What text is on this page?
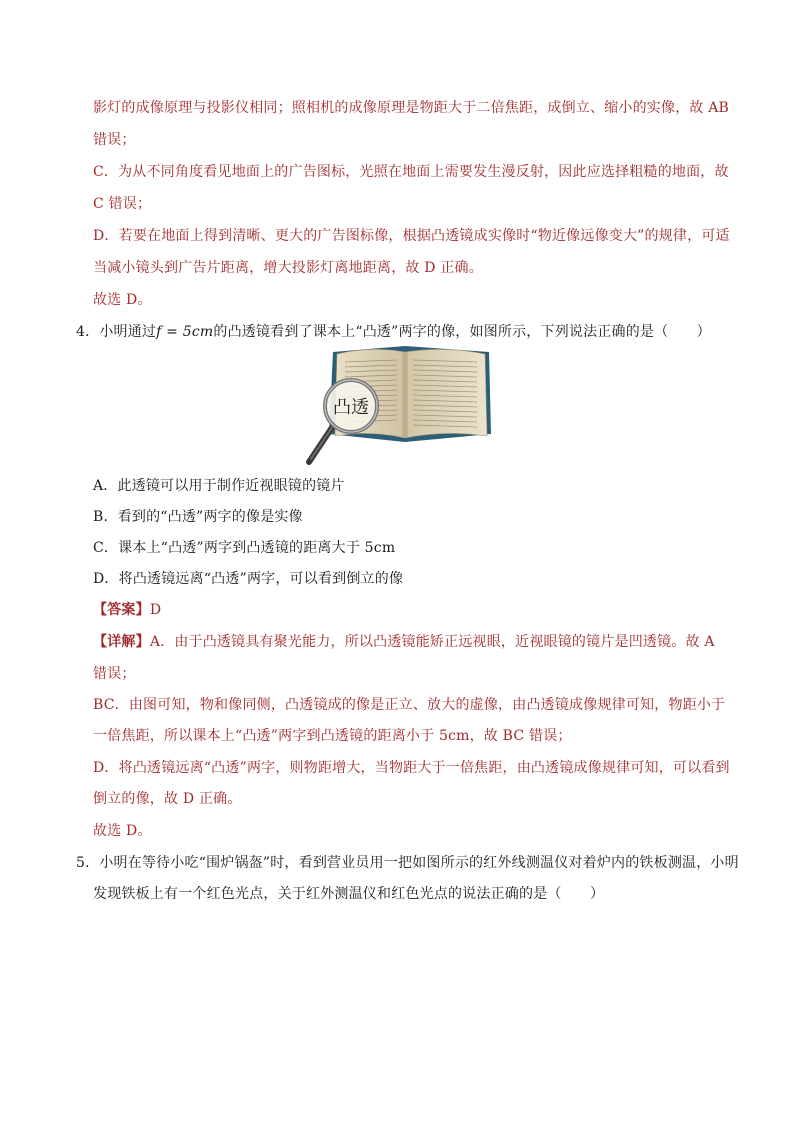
影灯的成像原理与投影仪相同；照相机的成像原理是物距大于二倍焦距，成倒立、缩小的实像，故 AB
错误；
C．为从不同角度看见地面上的广告图标，光照在地面上需要发生漫反射，因此应选择粗糙的地面，故
C 错误；
D．若要在地面上得到清晰、更大的广告图标像，根据凸透镜成实像时“物近像远像变大”的规律，可适
当减小镜头到广告片距离，增大投影灯离地距离，故 D 正确。
故选 D。
4．小明通过f = 5cm的凸透镜看到了课本上“凸透”两字的像，如图所示，下列说法正确的是（　　）
凸透
A．此透镜可以用于制作近视眼镜的镜片
B．看到的“凸透”两字的像是实像
C．课本上“凸透”两字到凸透镜的距离大于 5cm
D．将凸透镜远离“凸透”两字，可以看到倒立的像
【答案】D
【详解】A．由于凸透镜具有聚光能力，所以凸透镜能矫正远视眼，近视眼镜的镜片是凹透镜。故 A
错误；
BC．由图可知，物和像同侧，凸透镜成的像是正立、放大的虚像，由凸透镜成像规律可知，物距小于
一倍焦距，所以课本上“凸透”两字到凸透镜的距离小于 5cm，故 BC 错误；
D．将凸透镜远离“凸透”两字，则物距增大，当物距大于一倍焦距，由凸透镜成像规律可知，可以看到
倒立的像，故 D 正确。
故选 D。
5．小明在等待小吃“围炉锅盔”时，看到营业员用一把如图所示的红外线测温仪对着炉内的铁板测温，小明
发现铁板上有一个红色光点，关于红外测温仪和红色光点的说法正确的是（　　）
